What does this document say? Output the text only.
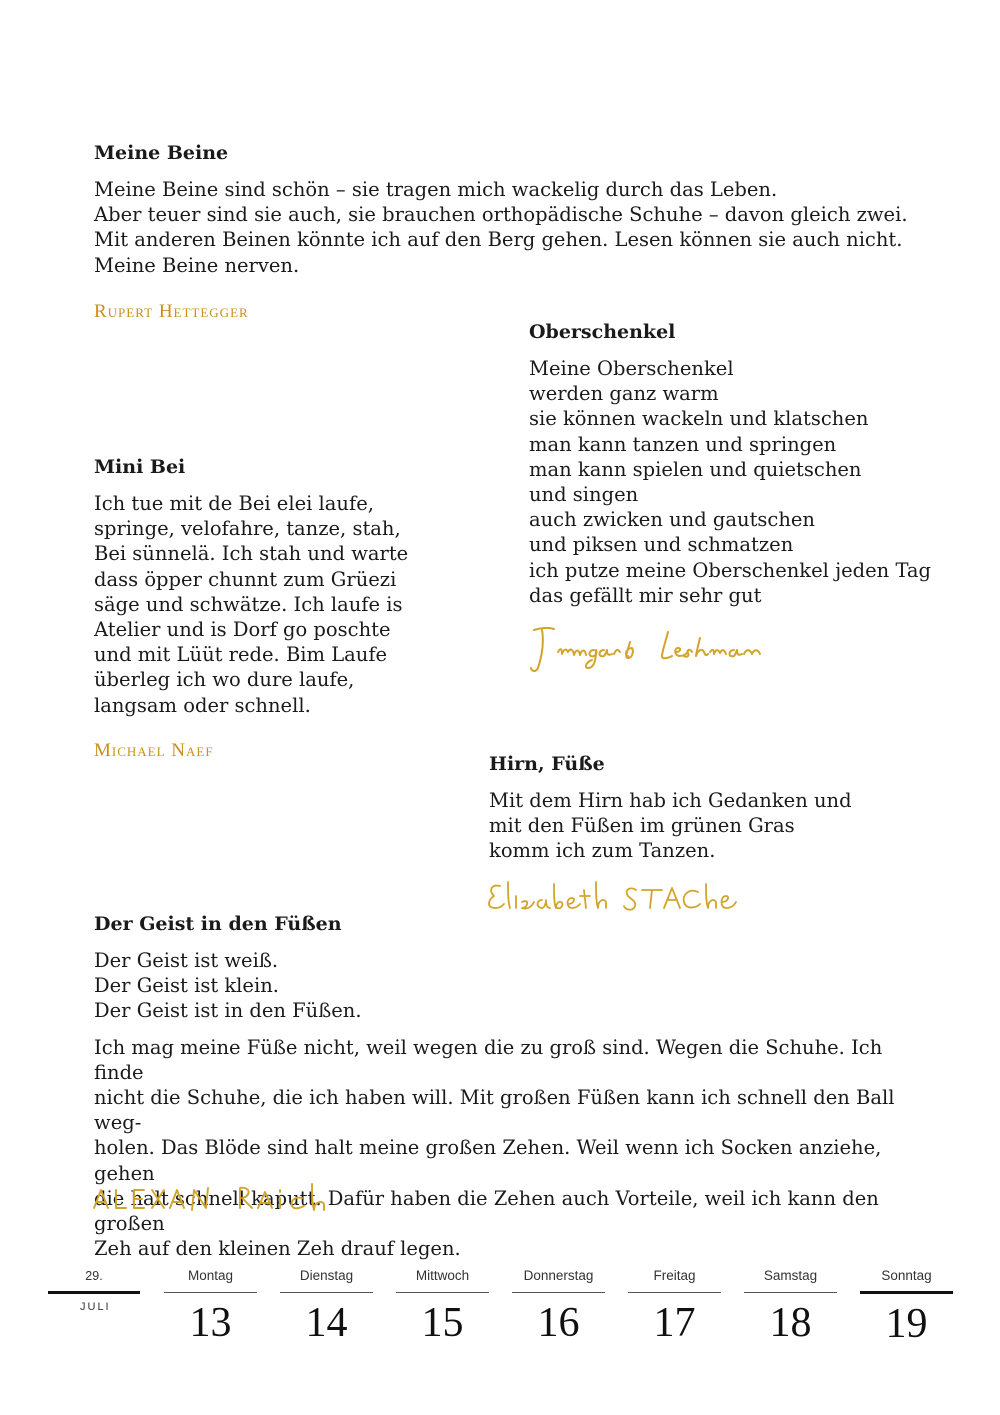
Meine Beine

Meine Beine sind schön – sie tragen mich wackelig durch das Leben.
Aber teuer sind sie auch, sie brauchen orthopädische Schuhe – davon gleich zwei.
Mit anderen Beinen könnte ich auf den Berg gehen. Lesen können sie auch nicht.
Meine Beine nerven.

Rupert Hettegger
Oberschenkel

Meine Oberschenkel
werden ganz warm
sie können wackeln und klatschen
man kann tanzen und springen
man kann spielen und quietschen
und singen
auch zwicken und gautschen
und piksen und schmatzen
ich putze meine Oberschenkel jeden Tag
das gefällt mir sehr gut

Mini Bei

Ich tue mit de Bei elei laufe,
springe, velofahre, tanze, stah,
Bei sünnelä. Ich stah und warte
dass öpper chunnt zum Grüezi
säge und schwätze. Ich laufe is
Atelier und is Dorf go poschte
und mit Lüüt rede. Bim Laufe
überleg ich wo dure laufe,
langsam oder schnell.

Michael Naef
Hirn, Füße

Mit dem Hirn hab ich Gedanken und
mit den Füßen im grünen Gras
komm ich zum Tanzen.

Der Geist in den Füßen

Der Geist ist weiß.
Der Geist ist klein.
Der Geist ist in den Füßen.

Ich mag meine Füße nicht, weil wegen die zu groß sind. Wegen die Schuhe. Ich finde
nicht die Schuhe, die ich haben will. Mit großen Füßen kann ich schnell den Ball weg-
holen. Das Blöde sind halt meine großen Zehen. Weil wenn ich Socken anziehe, gehen
die halt schnell kaputt. Dafür haben die Zehen auch Vorteile, weil ich kann den großen
Zeh auf den kleinen Zeh drauf legen.

29.
JULI
Montag
13
Dienstag
14
Mittwoch
15
Donnerstag
16
Freitag
17
Samstag
18
Sonntag
19
